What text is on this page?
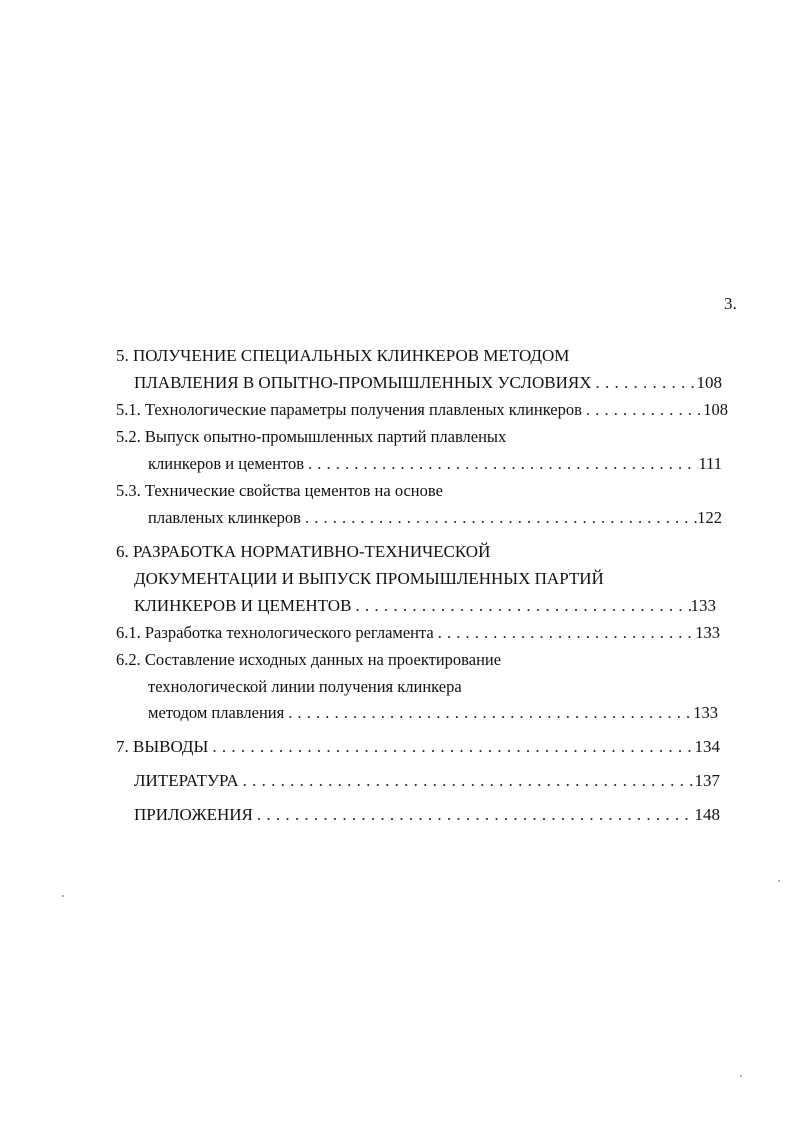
3.
5. ПОЛУЧЕНИЕ СПЕЦИАЛЬНЫХ КЛИНКЕРОВ МЕТОДОМ
ПЛАВЛЕНИЯ В ОПЫТНО-ПРОМЫШЛЕННЫХ УСЛОВИЯХ . . .	108
5.1. Технологические параметры получения плавленых клинкеров . . .	108
5.2. Выпуск опытно-промышленных партий плавленых
клинкеров и цементов . . .	111
5.3. Технические свойства цементов на основе
плавленых клинкеров . . .	122
6. РАЗРАБОТКА НОРМАТИВНО-ТЕХНИЧЕСКОЙ
ДОКУМЕНТАЦИИ И ВЫПУСК ПРОМЫШЛЕННЫХ ПАРТИЙ
КЛИНКЕРОВ И ЦЕМЕНТОВ . . .	133
6.1. Разработка технологического регламента . . .	133
6.2. Составление исходных данных на проектирование
технологической линии получения клинкера
методом плавления . . .	133
7. ВЫВОДЫ . . .	134
ЛИТЕРАТУРА . . .	137
ПРИЛОЖЕНИЯ . . .	148
